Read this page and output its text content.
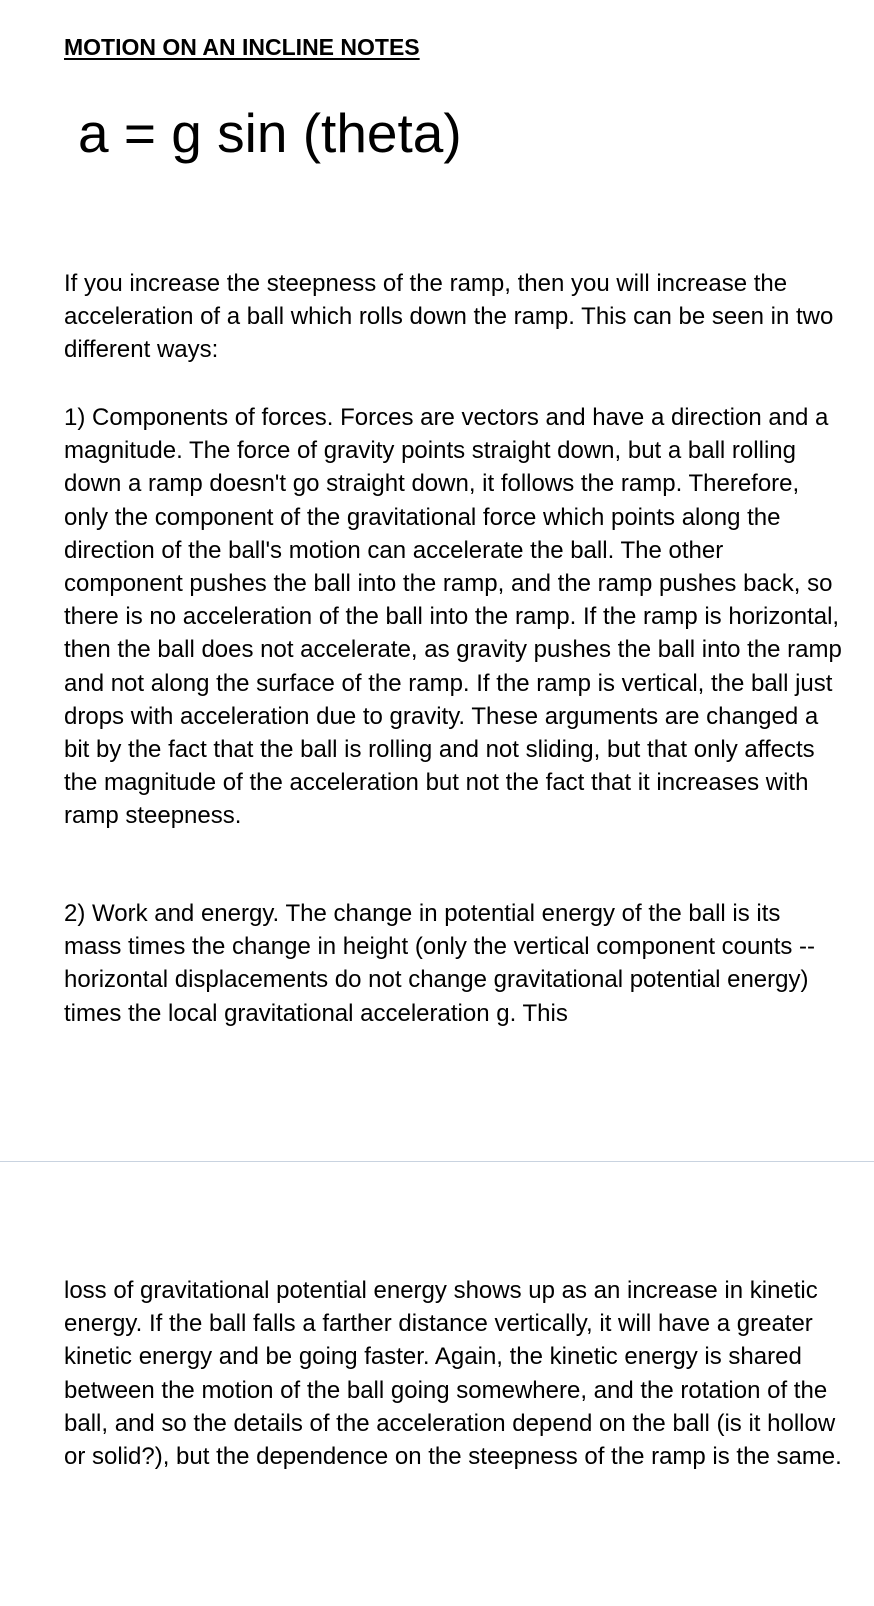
MOTION ON AN INCLINE NOTES

a = g sin (theta)

If you increase the steepness of the ramp, then you will increase the acceleration of a ball which rolls down the ramp. This can be seen in two different ways:

1) Components of forces. Forces are vectors and have a direction and a magnitude. The force of gravity points straight down, but a ball rolling down a ramp doesn't go straight down, it follows the ramp. Therefore, only the component of the gravitational force which points along the direction of the ball's motion can accelerate the ball. The other component pushes the ball into the ramp, and the ramp pushes back, so there is no acceleration of the ball into the ramp. If the ramp is horizontal, then the ball does not accelerate, as gravity pushes the ball into the ramp and not along the surface of the ramp. If the ramp is vertical, the ball just drops with acceleration due to gravity. These arguments are changed a bit by the fact that the ball is rolling and not sliding, but that only affects the magnitude of the acceleration but not the fact that it increases with ramp steepness.

2) Work and energy. The change in potential energy of the ball is its mass times the change in height (only the vertical component counts -- horizontal displacements do not change gravitational potential energy) times the local gravitational acceleration g. This

loss of gravitational potential energy shows up as an increase in kinetic energy. If the ball falls a farther distance vertically, it will have a greater kinetic energy and be going faster. Again, the kinetic energy is shared between the motion of the ball going somewhere, and the rotation of the ball, and so the details of the acceleration depend on the ball (is it hollow or solid?), but the dependence on the steepness of the ramp is the same.
